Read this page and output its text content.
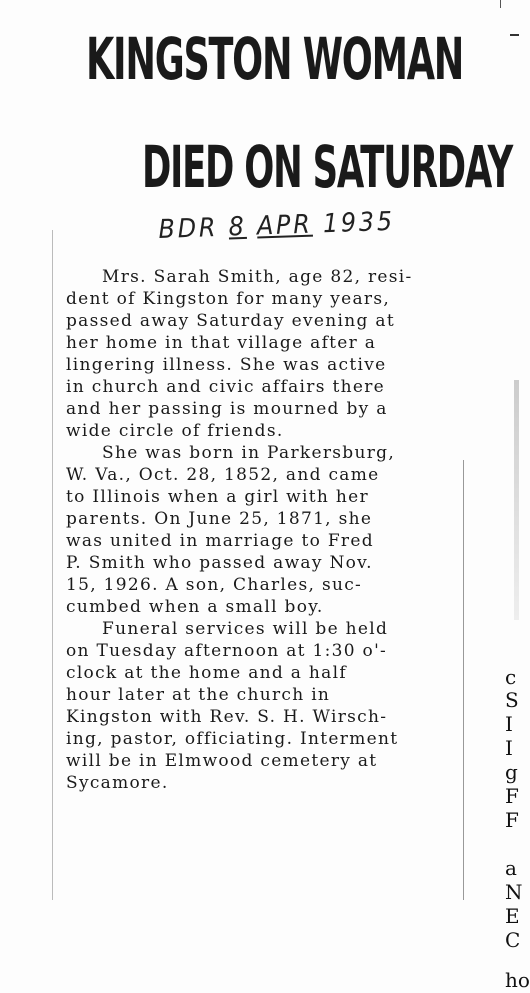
KINGSTON WOMAN
DIED ON SATURDAY
BDR 8 APR 1935
Mrs. Sarah Smith, age 82, resi-
dent of Kingston for many years,
passed away Saturday evening at
her home in that village after a
lingering illness. She was active
in church and civic affairs there
and her passing is mourned by a
wide circle of friends.
She was born in Parkersburg,
W. Va., Oct. 28, 1852, and came
to Illinois when a girl with her
parents. On June 25, 1871, she
was united in marriage to Fred
P. Smith who passed away Nov.
15, 1926. A son, Charles, suc-
cumbed when a small boy.
Funeral services will be held
on Tuesday afternoon at 1:30 o'-
clock at the home and a half
hour later at the church in
Kingston with Rev. S. H. Wirsch-
ing, pastor, officiating. Interment
will be in Elmwood cemetery at
Sycamore.
c
S
I
I
g
F
F
a
N
E
C
ho
